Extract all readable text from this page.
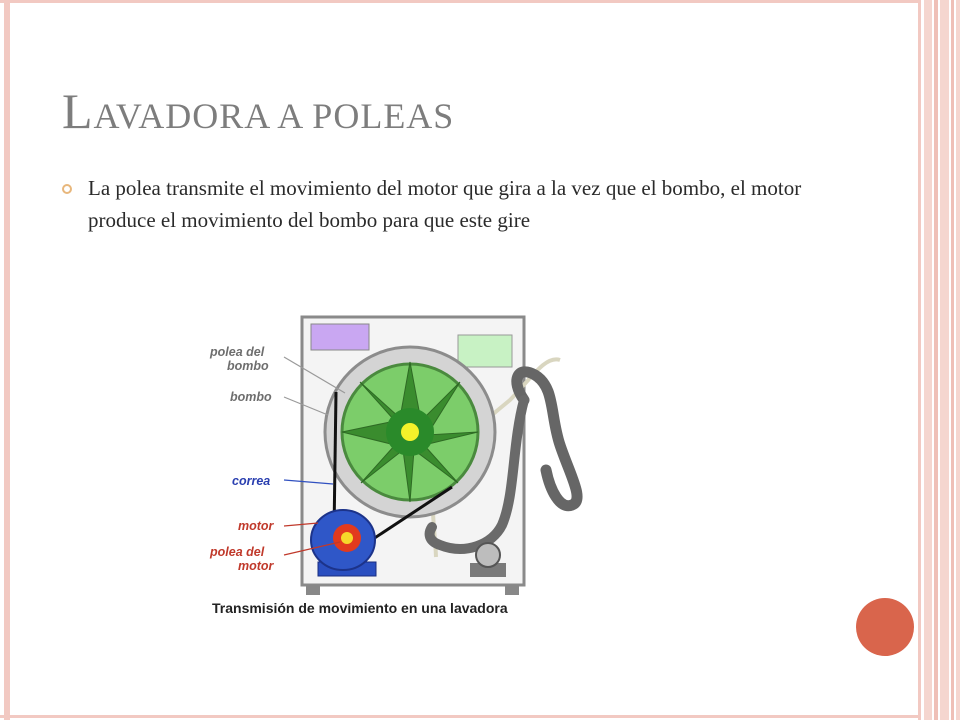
LAVADORA A POLEAS
La polea transmite el movimiento del motor que gira a la vez que el bombo, el motor produce el movimiento del bombo para que este gire
polea del bombo
bombo
correa
motor
polea del motor
Transmisión de movimiento en una lavadora
